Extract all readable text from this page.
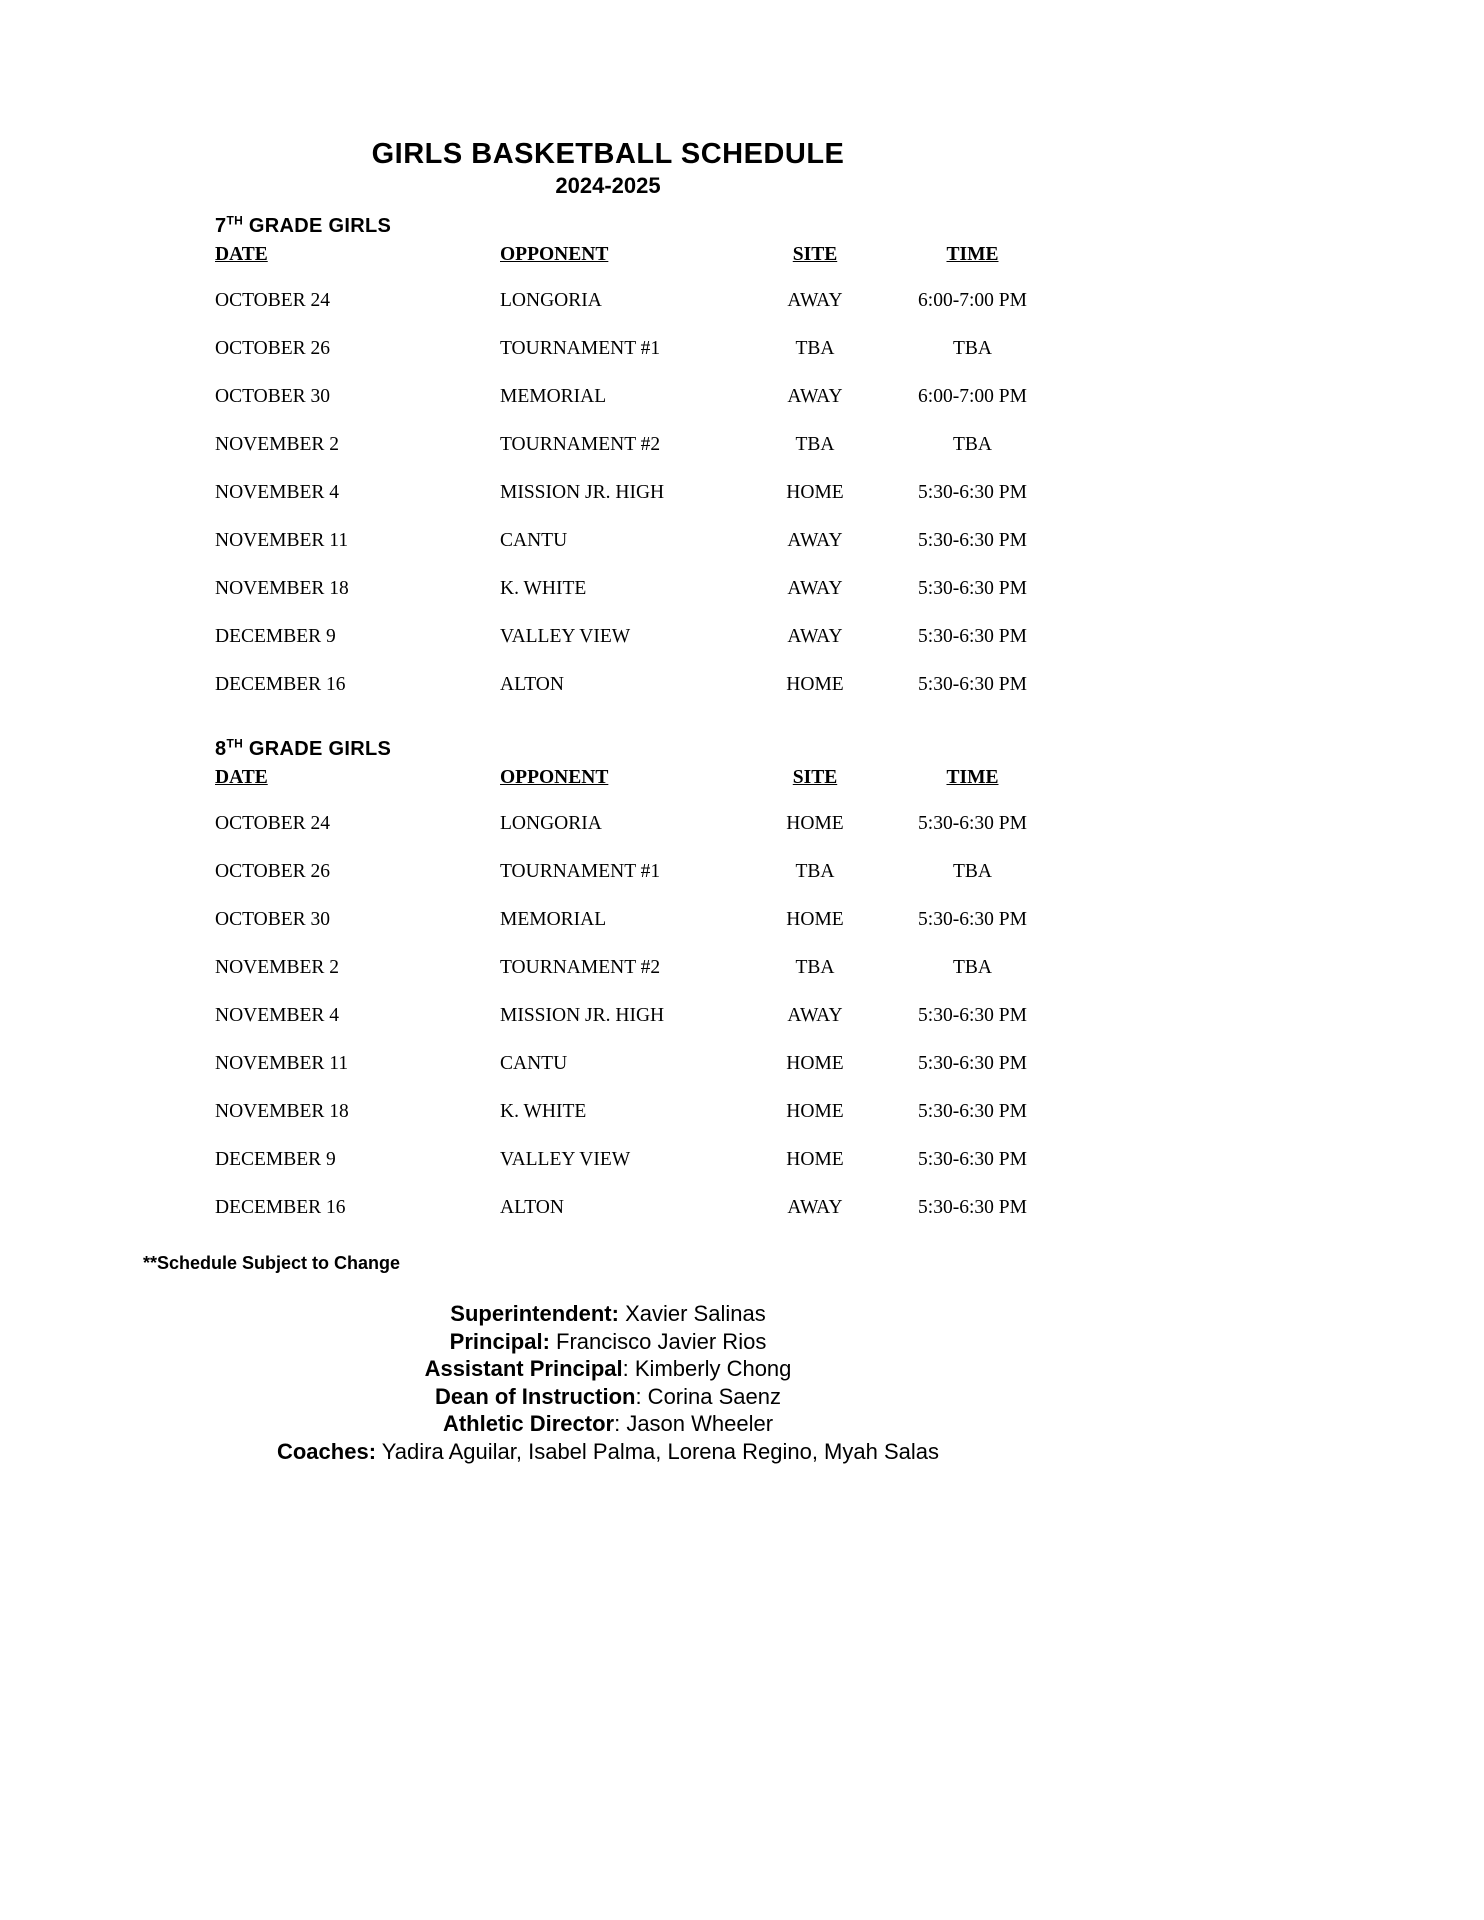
GIRLS BASKETBALL SCHEDULE
2024-2025
7TH GRADE GIRLS
DATE	OPPONENT	SITE	TIME
OCTOBER 24	LONGORIA	AWAY	6:00-7:00 PM
OCTOBER 26	TOURNAMENT #1	TBA	TBA
OCTOBER 30	MEMORIAL	AWAY	6:00-7:00 PM
NOVEMBER 2	TOURNAMENT #2	TBA	TBA
NOVEMBER 4	MISSION JR. HIGH	HOME	5:30-6:30 PM
NOVEMBER 11	CANTU	AWAY	5:30-6:30 PM
NOVEMBER 18	K. WHITE	AWAY	5:30-6:30 PM
DECEMBER 9	VALLEY VIEW	AWAY	5:30-6:30 PM
DECEMBER 16	ALTON	HOME	5:30-6:30 PM
8TH GRADE GIRLS
DATE	OPPONENT	SITE	TIME
OCTOBER 24	LONGORIA	HOME	5:30-6:30 PM
OCTOBER 26	TOURNAMENT #1	TBA	TBA
OCTOBER 30	MEMORIAL	HOME	5:30-6:30 PM
NOVEMBER 2	TOURNAMENT #2	TBA	TBA
NOVEMBER 4	MISSION JR. HIGH	AWAY	5:30-6:30 PM
NOVEMBER 11	CANTU	HOME	5:30-6:30 PM
NOVEMBER 18	K. WHITE	HOME	5:30-6:30 PM
DECEMBER 9	VALLEY VIEW	HOME	5:30-6:30 PM
DECEMBER 16	ALTON	AWAY	5:30-6:30 PM
**Schedule Subject to Change
Superintendent: Xavier Salinas
Principal: Francisco Javier Rios
Assistant Principal: Kimberly Chong
Dean of Instruction: Corina Saenz
Athletic Director: Jason Wheeler
Coaches: Yadira Aguilar, Isabel Palma, Lorena Regino, Myah Salas
